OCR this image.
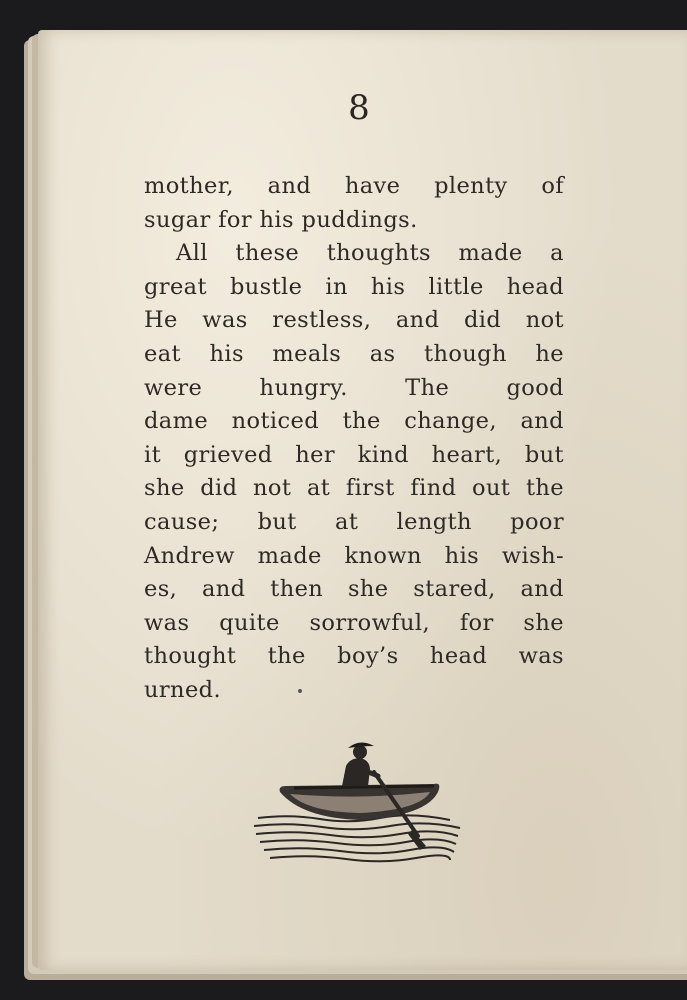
8

mother, and have plenty of
sugar for his puddings.
All these thoughts made a
great bustle in his little head
He was restless, and did not
eat his meals as though he
were hungry. The good
dame noticed the change, and
it grieved her kind heart, but
she did not at first find out the
cause; but at length poor
Andrew made known his wish-
es, and then she stared, and
was quite sorrowful, for she
thought the boy’s head was
urned.
